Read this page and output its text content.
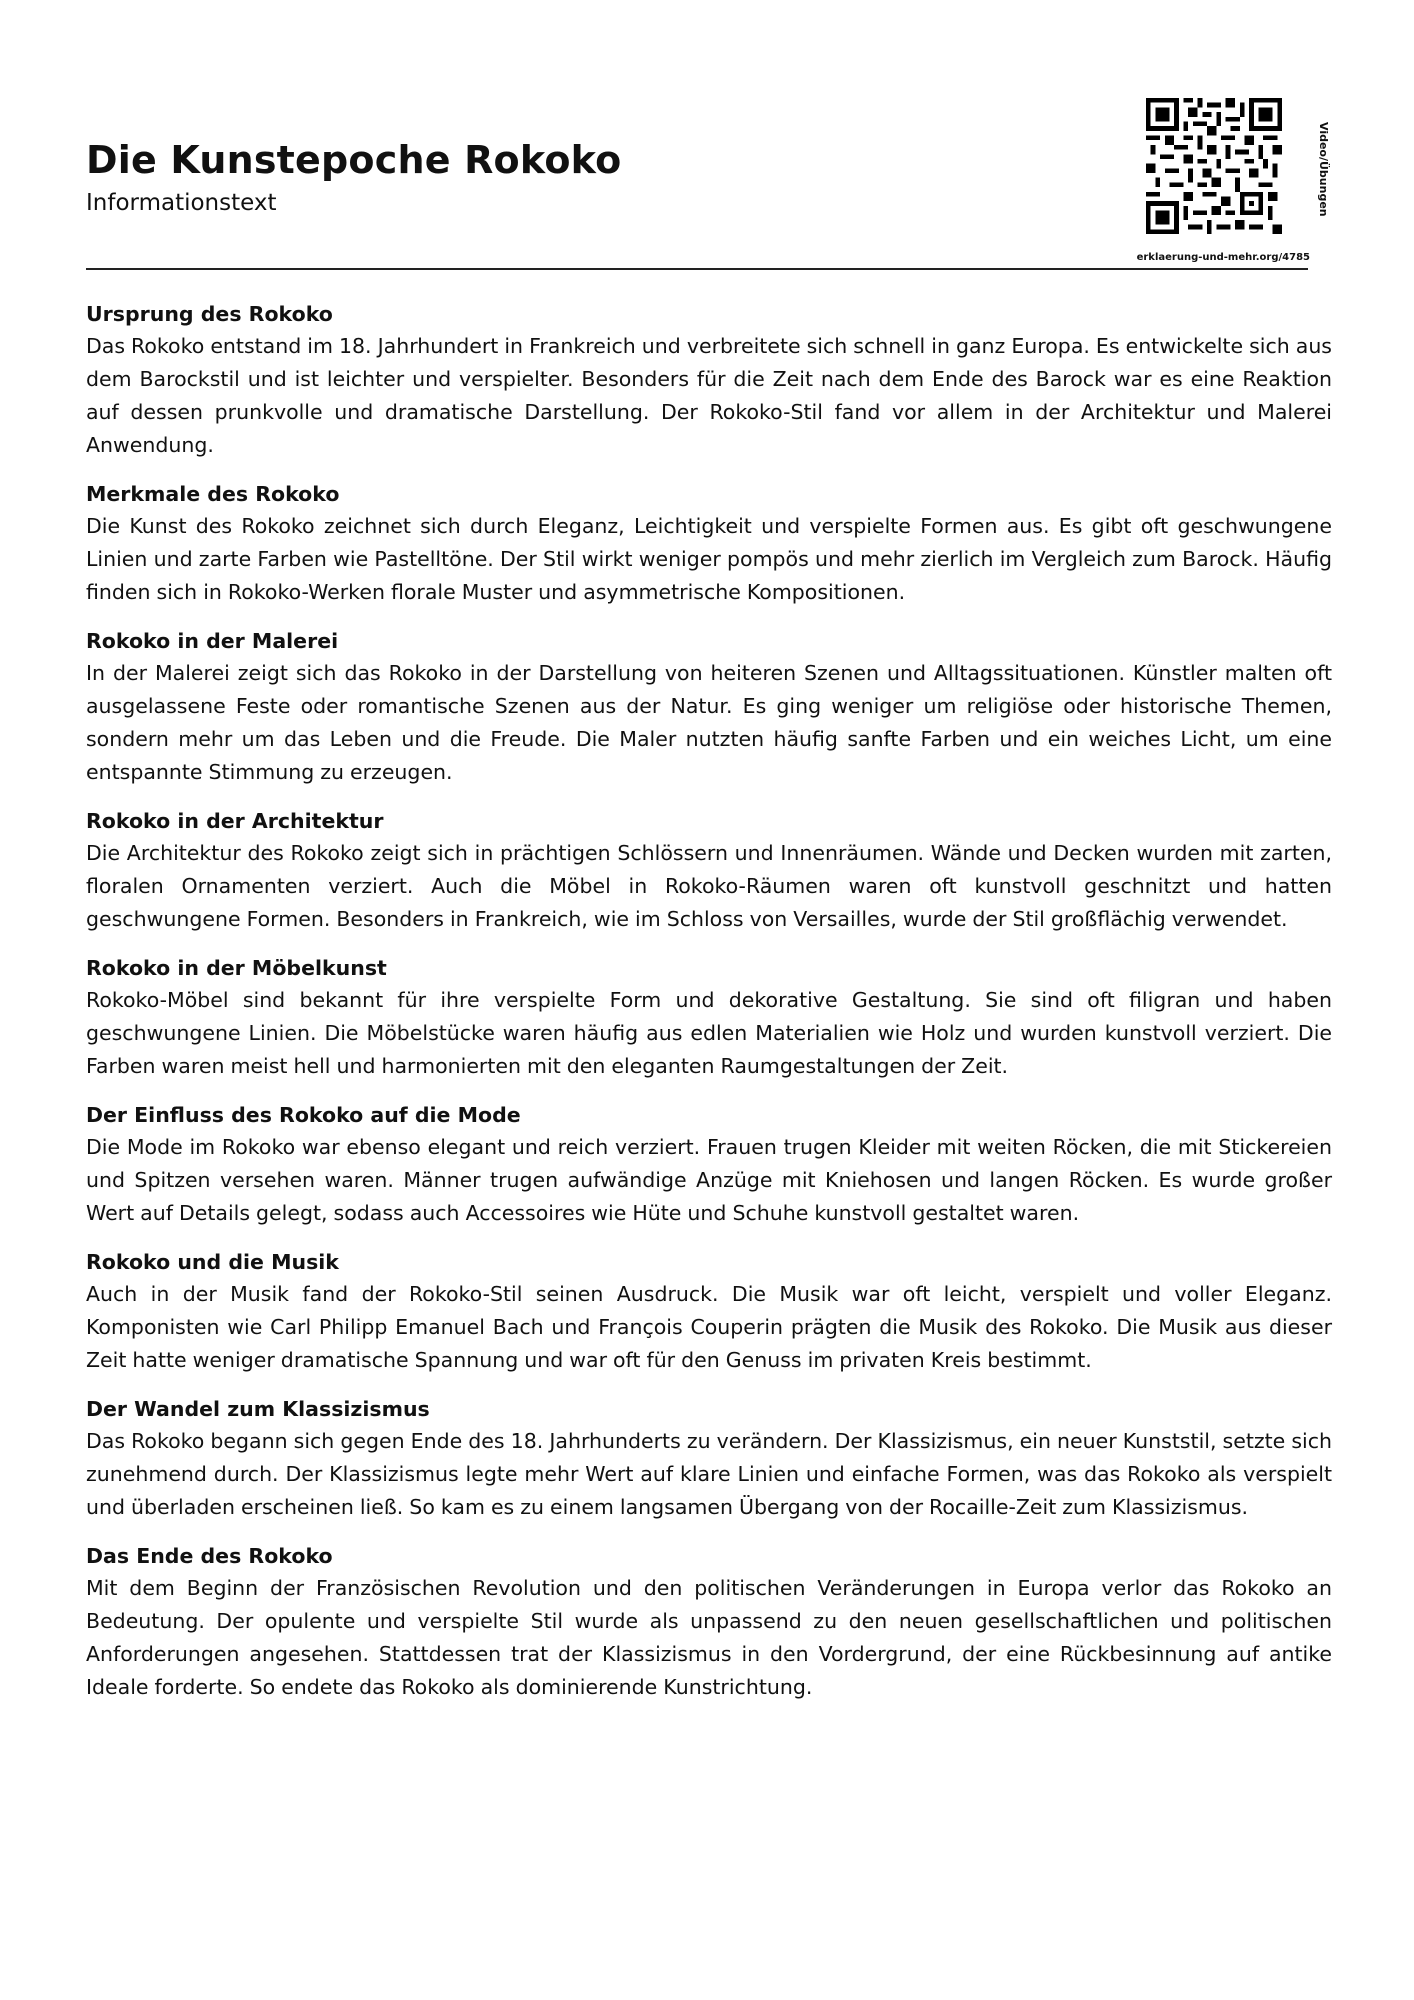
Die Kunstepoche Rokoko
Informationstext	Video/Übungen
erklaerung-und-mehr.org/4785
Ursprung des Rokoko

Das Rokoko entstand im 18. Jahrhundert in Frankreich und verbreitete sich schnell in ganz Europa. Es entwickelte sich aus dem Barockstil und ist leichter und verspielter. Besonders für die Zeit nach dem Ende des Barock war es eine Reaktion auf dessen prunkvolle und dramatische Darstellung. Der Rokoko-Stil fand vor allem in der Architektur und Malerei Anwendung.

Merkmale des Rokoko

Die Kunst des Rokoko zeichnet sich durch Eleganz, Leichtigkeit und verspielte Formen aus. Es gibt oft geschwungene Linien und zarte Farben wie Pastelltöne. Der Stil wirkt weniger pompös und mehr zierlich im Vergleich zum Barock. Häufig finden sich in Rokoko-Werken florale Muster und asymmetrische Kompositionen.

Rokoko in der Malerei

In der Malerei zeigt sich das Rokoko in der Darstellung von heiteren Szenen und Alltagssituationen. Künstler malten oft ausgelassene Feste oder romantische Szenen aus der Natur. Es ging weniger um religiöse oder historische Themen, sondern mehr um das Leben und die Freude. Die Maler nutzten häufig sanfte Farben und ein weiches Licht, um eine entspannte Stimmung zu erzeugen.

Rokoko in der Architektur

Die Architektur des Rokoko zeigt sich in prächtigen Schlössern und Innenräumen. Wände und Decken wurden mit zarten, floralen Ornamenten verziert. Auch die Möbel in Rokoko-Räumen waren oft kunstvoll geschnitzt und hatten geschwungene Formen. Besonders in Frankreich, wie im Schloss von Versailles, wurde der Stil großflächig verwendet.

Rokoko in der Möbelkunst

Rokoko-Möbel sind bekannt für ihre verspielte Form und dekorative Gestaltung. Sie sind oft filigran und haben geschwungene Linien. Die Möbelstücke waren häufig aus edlen Materialien wie Holz und wurden kunstvoll verziert. Die Farben waren meist hell und harmonierten mit den eleganten Raumgestaltungen der Zeit.

Der Einfluss des Rokoko auf die Mode

Die Mode im Rokoko war ebenso elegant und reich verziert. Frauen trugen Kleider mit weiten Röcken, die mit Stickereien und Spitzen versehen waren. Männer trugen aufwändige Anzüge mit Kniehosen und langen Röcken. Es wurde großer Wert auf Details gelegt, sodass auch Accessoires wie Hüte und Schuhe kunstvoll gestaltet waren.

Rokoko und die Musik

Auch in der Musik fand der Rokoko-Stil seinen Ausdruck. Die Musik war oft leicht, verspielt und voller Eleganz. Komponisten wie Carl Philipp Emanuel Bach und François Couperin prägten die Musik des Rokoko. Die Musik aus dieser Zeit hatte weniger dramatische Spannung und war oft für den Genuss im privaten Kreis bestimmt.

Der Wandel zum Klassizismus

Das Rokoko begann sich gegen Ende des 18. Jahrhunderts zu verändern. Der Klassizismus, ein neuer Kunststil, setzte sich zunehmend durch. Der Klassizismus legte mehr Wert auf klare Linien und einfache Formen, was das Rokoko als verspielt und überladen erscheinen ließ. So kam es zu einem langsamen Übergang von der Rocaille-Zeit zum Klassizismus.

Das Ende des Rokoko

Mit dem Beginn der Französischen Revolution und den politischen Veränderungen in Europa verlor das Rokoko an Bedeutung. Der opulente und verspielte Stil wurde als unpassend zu den neuen gesellschaftlichen und politischen Anforderungen angesehen. Stattdessen trat der Klassizismus in den Vordergrund, der eine Rückbesinnung auf antike Ideale forderte. So endete das Rokoko als dominierende Kunstrichtung.
